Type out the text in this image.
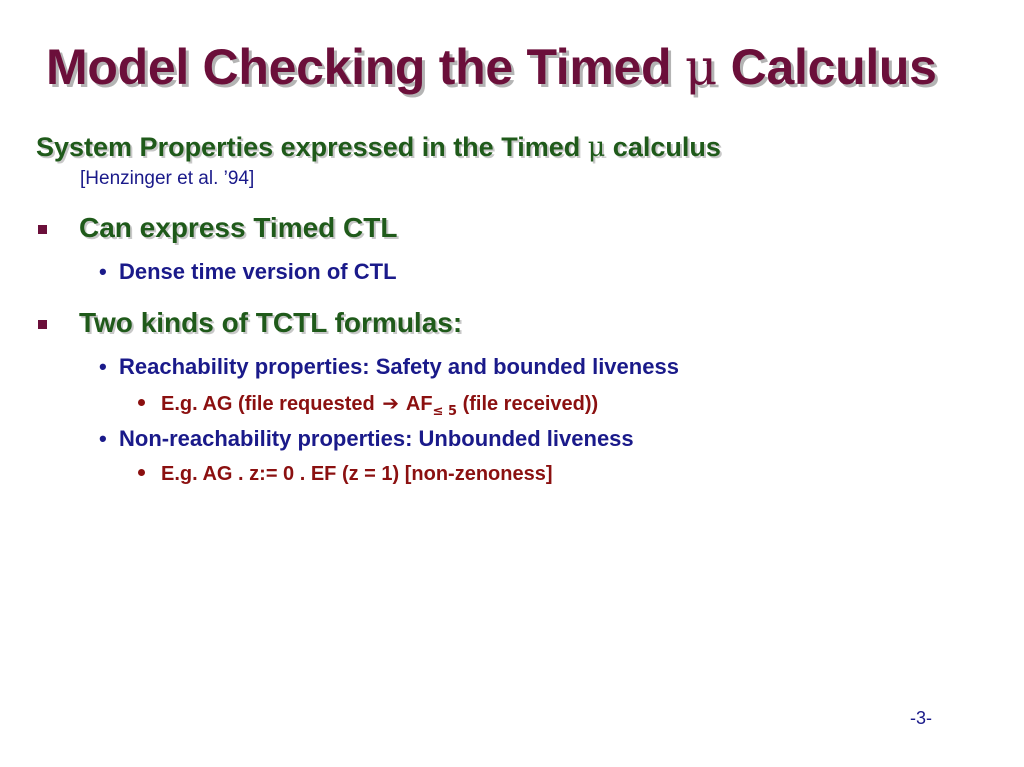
Model Checking the Timed μ Calculus
System Properties expressed in the Timed μ calculus
[Henzinger et al. ’94]
Can express Timed CTL
• Dense time version of CTL
Two kinds of TCTL formulas:
• Reachability properties: Safety and bounded liveness
E.g. AG (file requested ➔ $AF_{\le 5}$ (file received))
• Non-reachability properties: Unbounded liveness
E.g. AG . z:= 0 . EF (z = 1) [non-zenoness]
-3-
